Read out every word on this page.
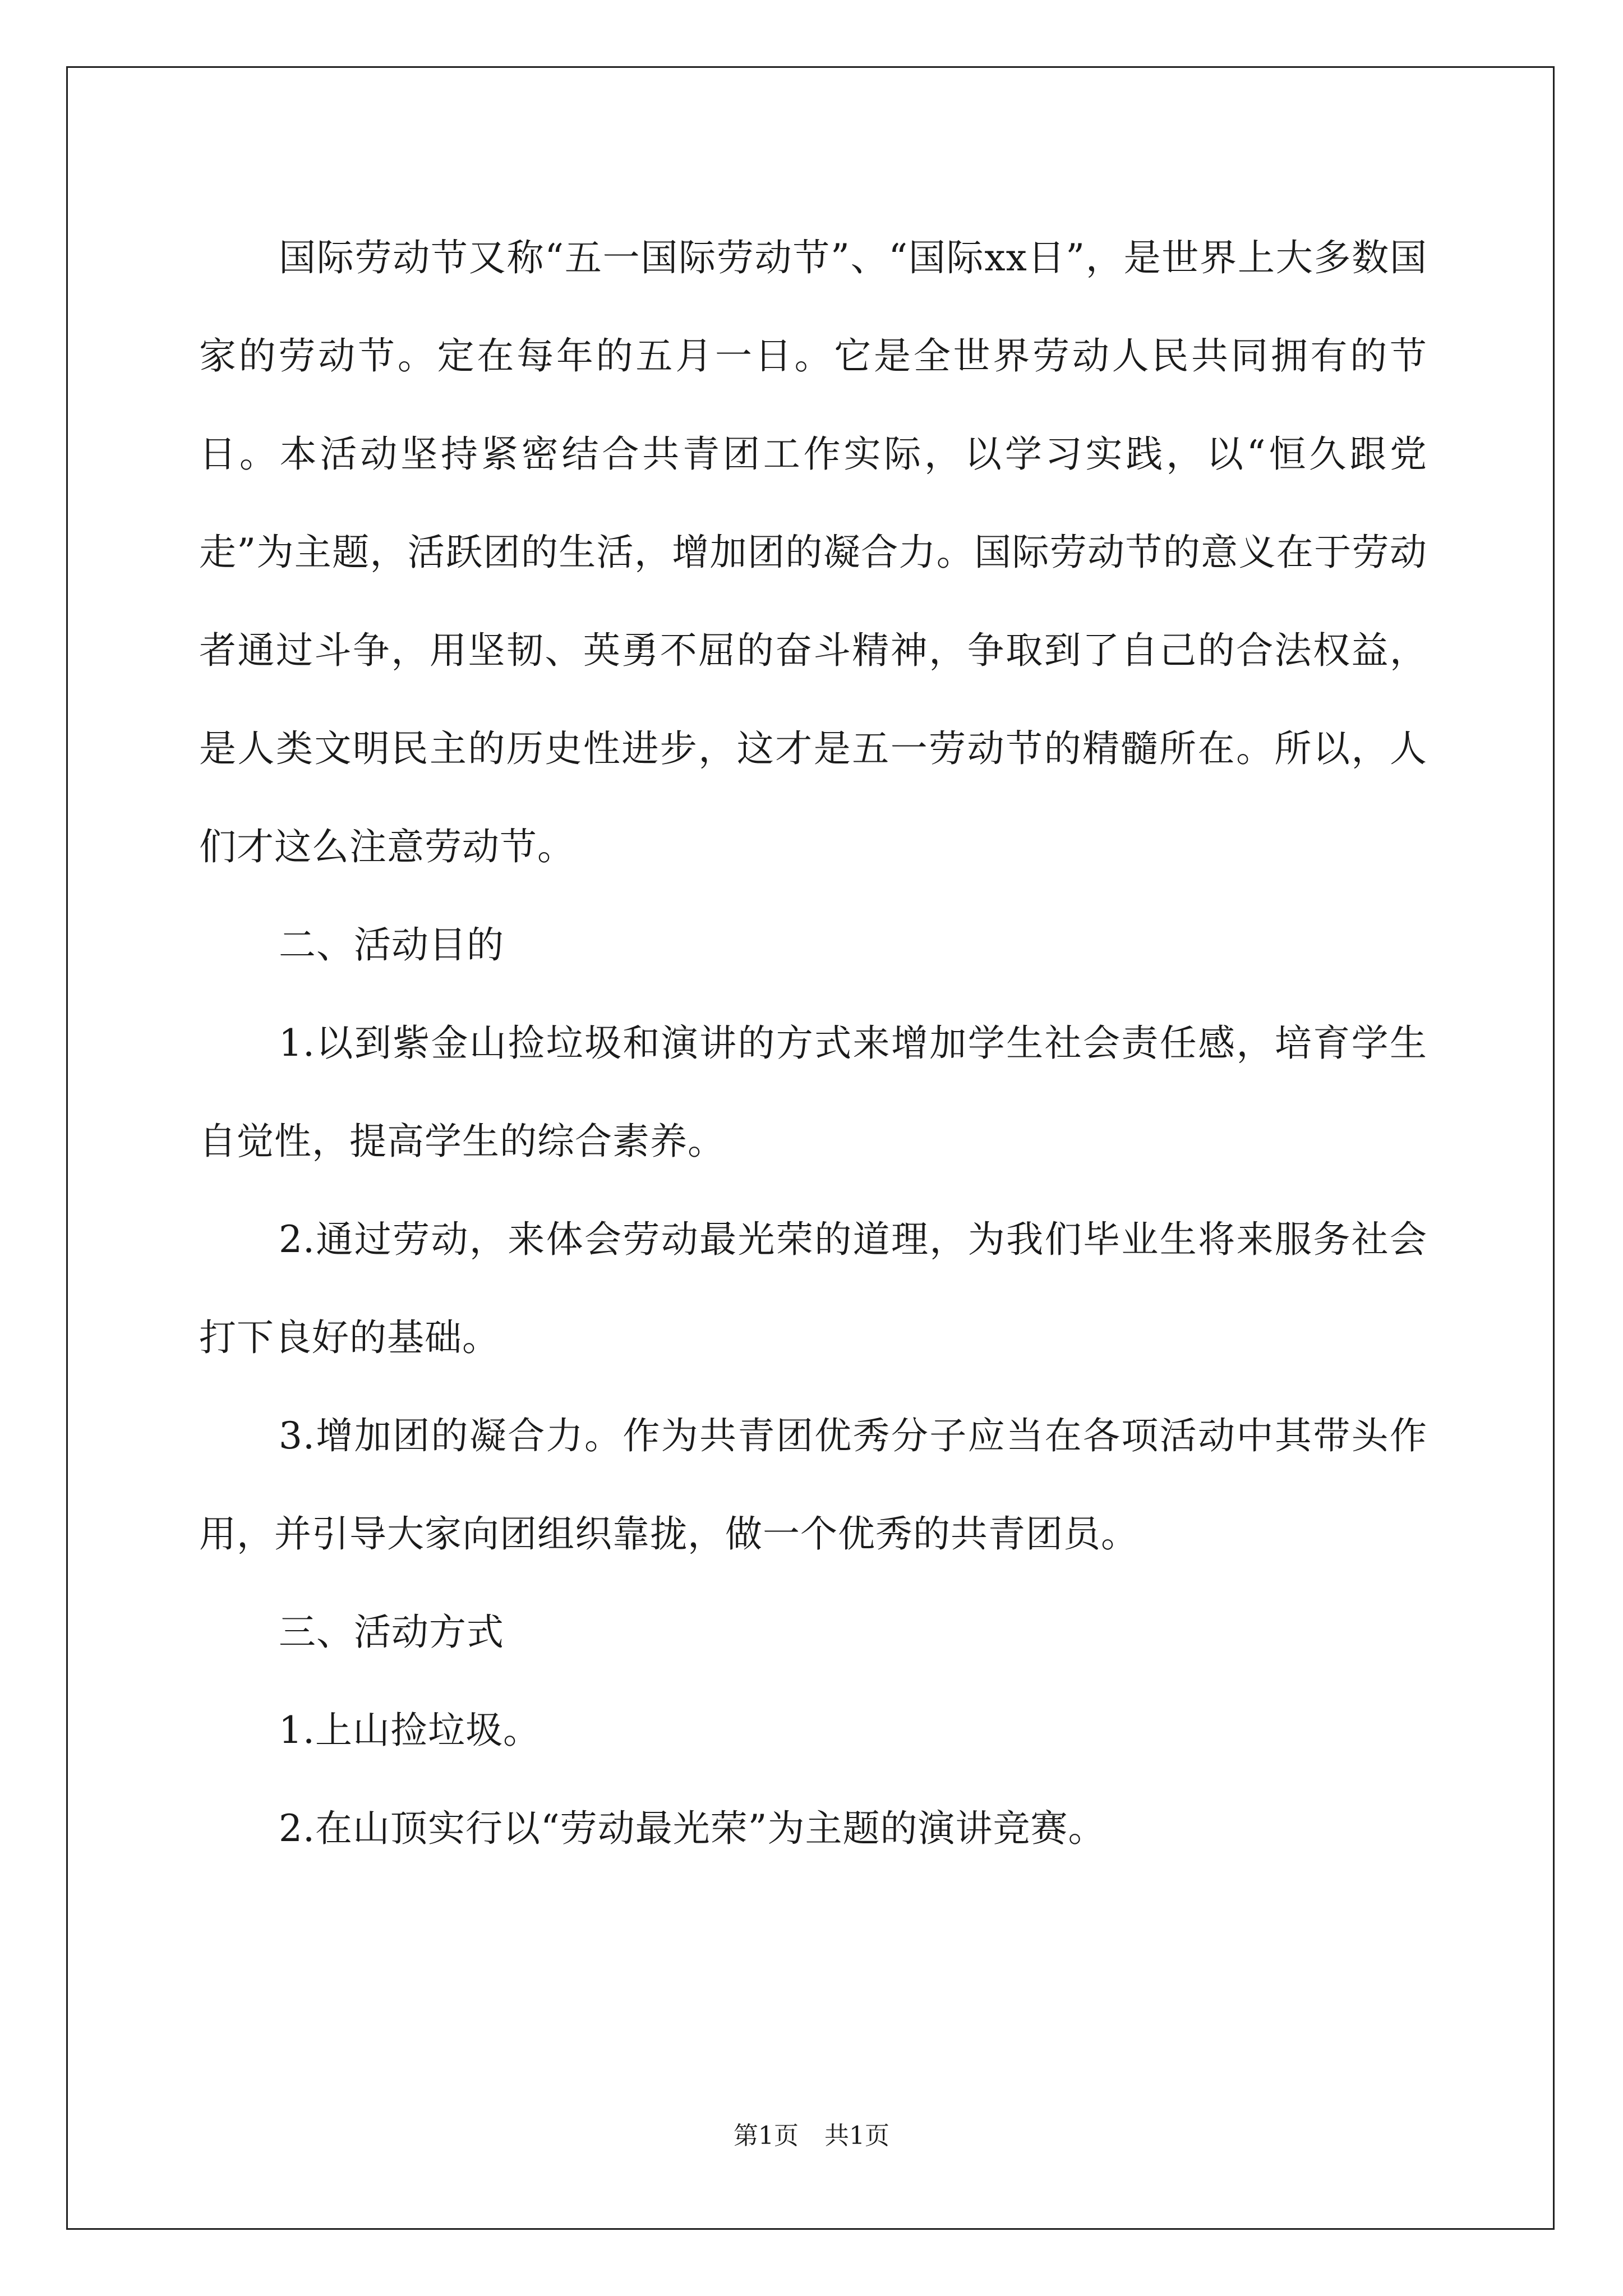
国际劳动节又称“五一国际劳动节”、“国际xx日”，是世界上大多数国家的劳动节。定在每年的五月一日。它是全世界劳动人民共同拥有的节日。本活动坚持紧密结合共青团工作实际，以学习实践，以“恒久跟党走”为主题，活跃团的生活，增加团的凝合力。国际劳动节的意义在于劳动者通过斗争，用坚韧、英勇不屈的奋斗精神，争取到了自己的合法权益，是人类文明民主的历史性进步，这才是五一劳动节的精髓所在。所以，人们才这么注意劳动节。

二、活动目的

1.以到紫金山捡垃圾和演讲的方式来增加学生社会责任感，培育学生自觉性，提高学生的综合素养。

2.通过劳动，来体会劳动最光荣的道理，为我们毕业生将来服务社会打下良好的基础。

3.增加团的凝合力。作为共青团优秀分子应当在各项活动中其带头作用，并引导大家向团组织靠拢，做一个优秀的共青团员。

三、活动方式

1.上山捡垃圾。

2.在山顶实行以“劳动最光荣”为主题的演讲竞赛。

第1页 共1页
